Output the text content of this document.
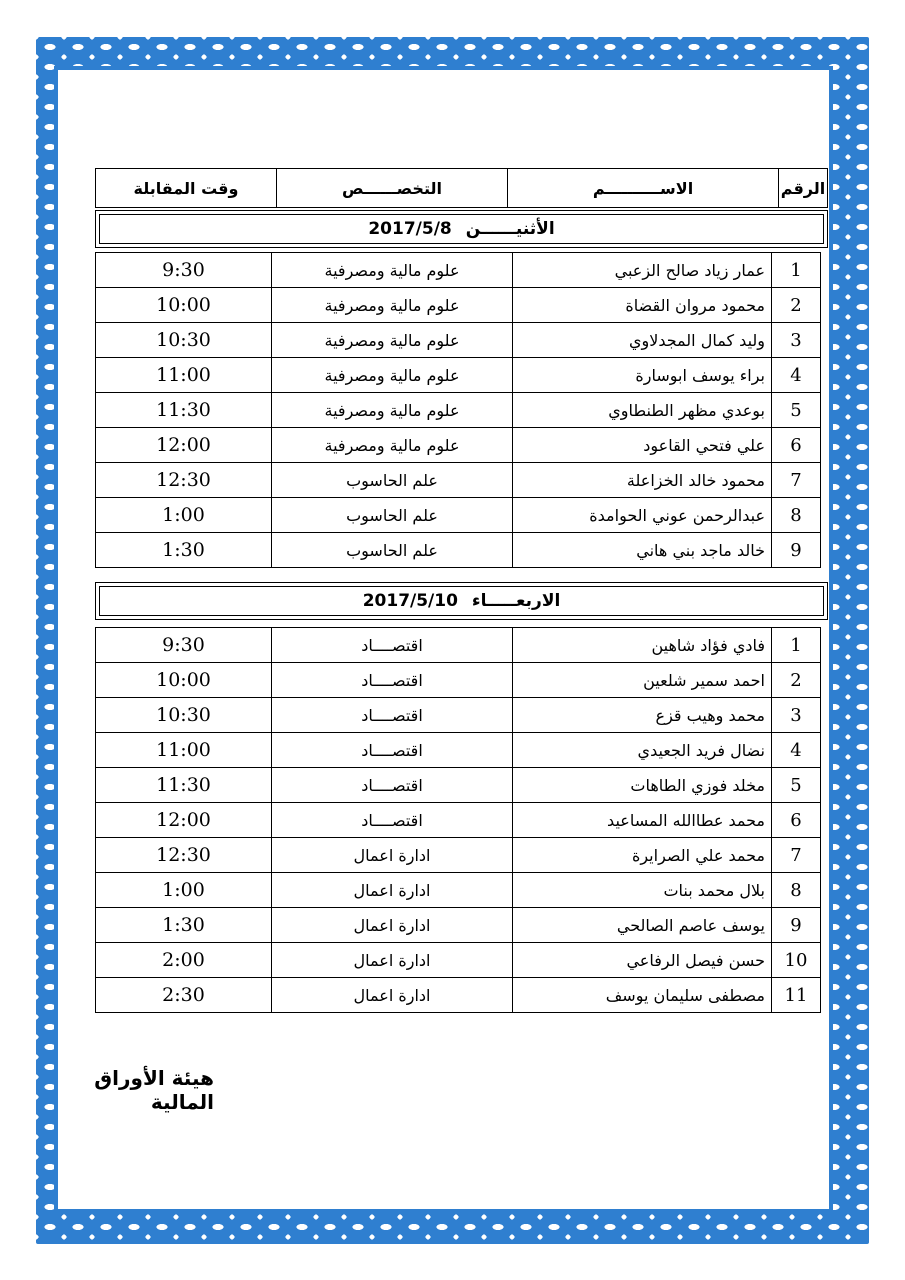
الرقم	الاســــــــــم	التخصــــــص	وقت المقابلة
الأثنيــــــن
2017/5/8
1	عمار زياد صالح الزعبي	علوم مالية ومصرفية	9:30
2	محمود مروان القضاة	علوم مالية ومصرفية	10:00
3	وليد كمال المجدلاوي	علوم مالية ومصرفية	10:30
4	براء يوسف ابوسارة	علوم مالية ومصرفية	11:00
5	بوعدي مظهر الطنطاوي	علوم مالية ومصرفية	11:30
6	علي فتحي القاعود	علوم مالية ومصرفية	12:00
7	محمود خالد الخزاعلة	علم الحاسوب	12:30
8	عبدالرحمن عوني الحوامدة	علم الحاسوب	1:00
9	خالد ماجد بني هاني	علم الحاسوب	1:30
الاربعـــــاء
2017/5/10
1	فادي فؤاد شاهين	اقتصــــاد	9:30
2	احمد سمير شلعين	اقتصــــاد	10:00
3	محمد وهيب قزع	اقتصــــاد	10:30
4	نضال فريد الجعيدي	اقتصــــاد	11:00
5	مخلد فوزي الطاهات	اقتصــــاد	11:30
6	محمد عطاالله المساعيد	اقتصــــاد	12:00
7	محمد علي الصرايرة	ادارة اعمال	12:30
8	بلال محمد بنات	ادارة اعمال	1:00
9	يوسف عاصم الصالحي	ادارة اعمال	1:30
10	حسن فيصل الرفاعي	ادارة اعمال	2:00
11	مصطفى سليمان يوسف	ادارة اعمال	2:30
هيئة الأوراق المالية
